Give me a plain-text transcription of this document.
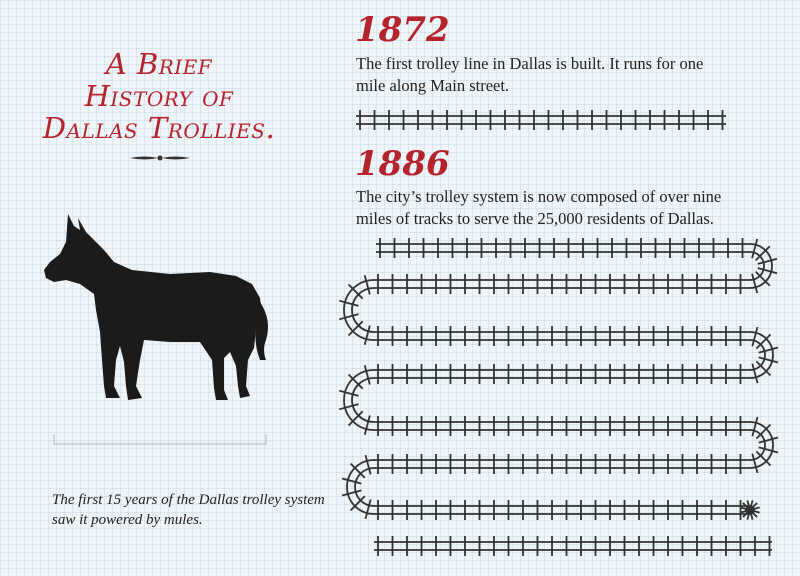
A Brief
History of
Dallas Trollies.
1872

The first trolley line in Dallas is built. It runs for one mile along Main street.

1886

The city’s trolley system is now composed of over nine miles of tracks to serve the 25,000 residents of Dallas.

The first 15 years of the Dallas trolley system saw it powered by mules.
